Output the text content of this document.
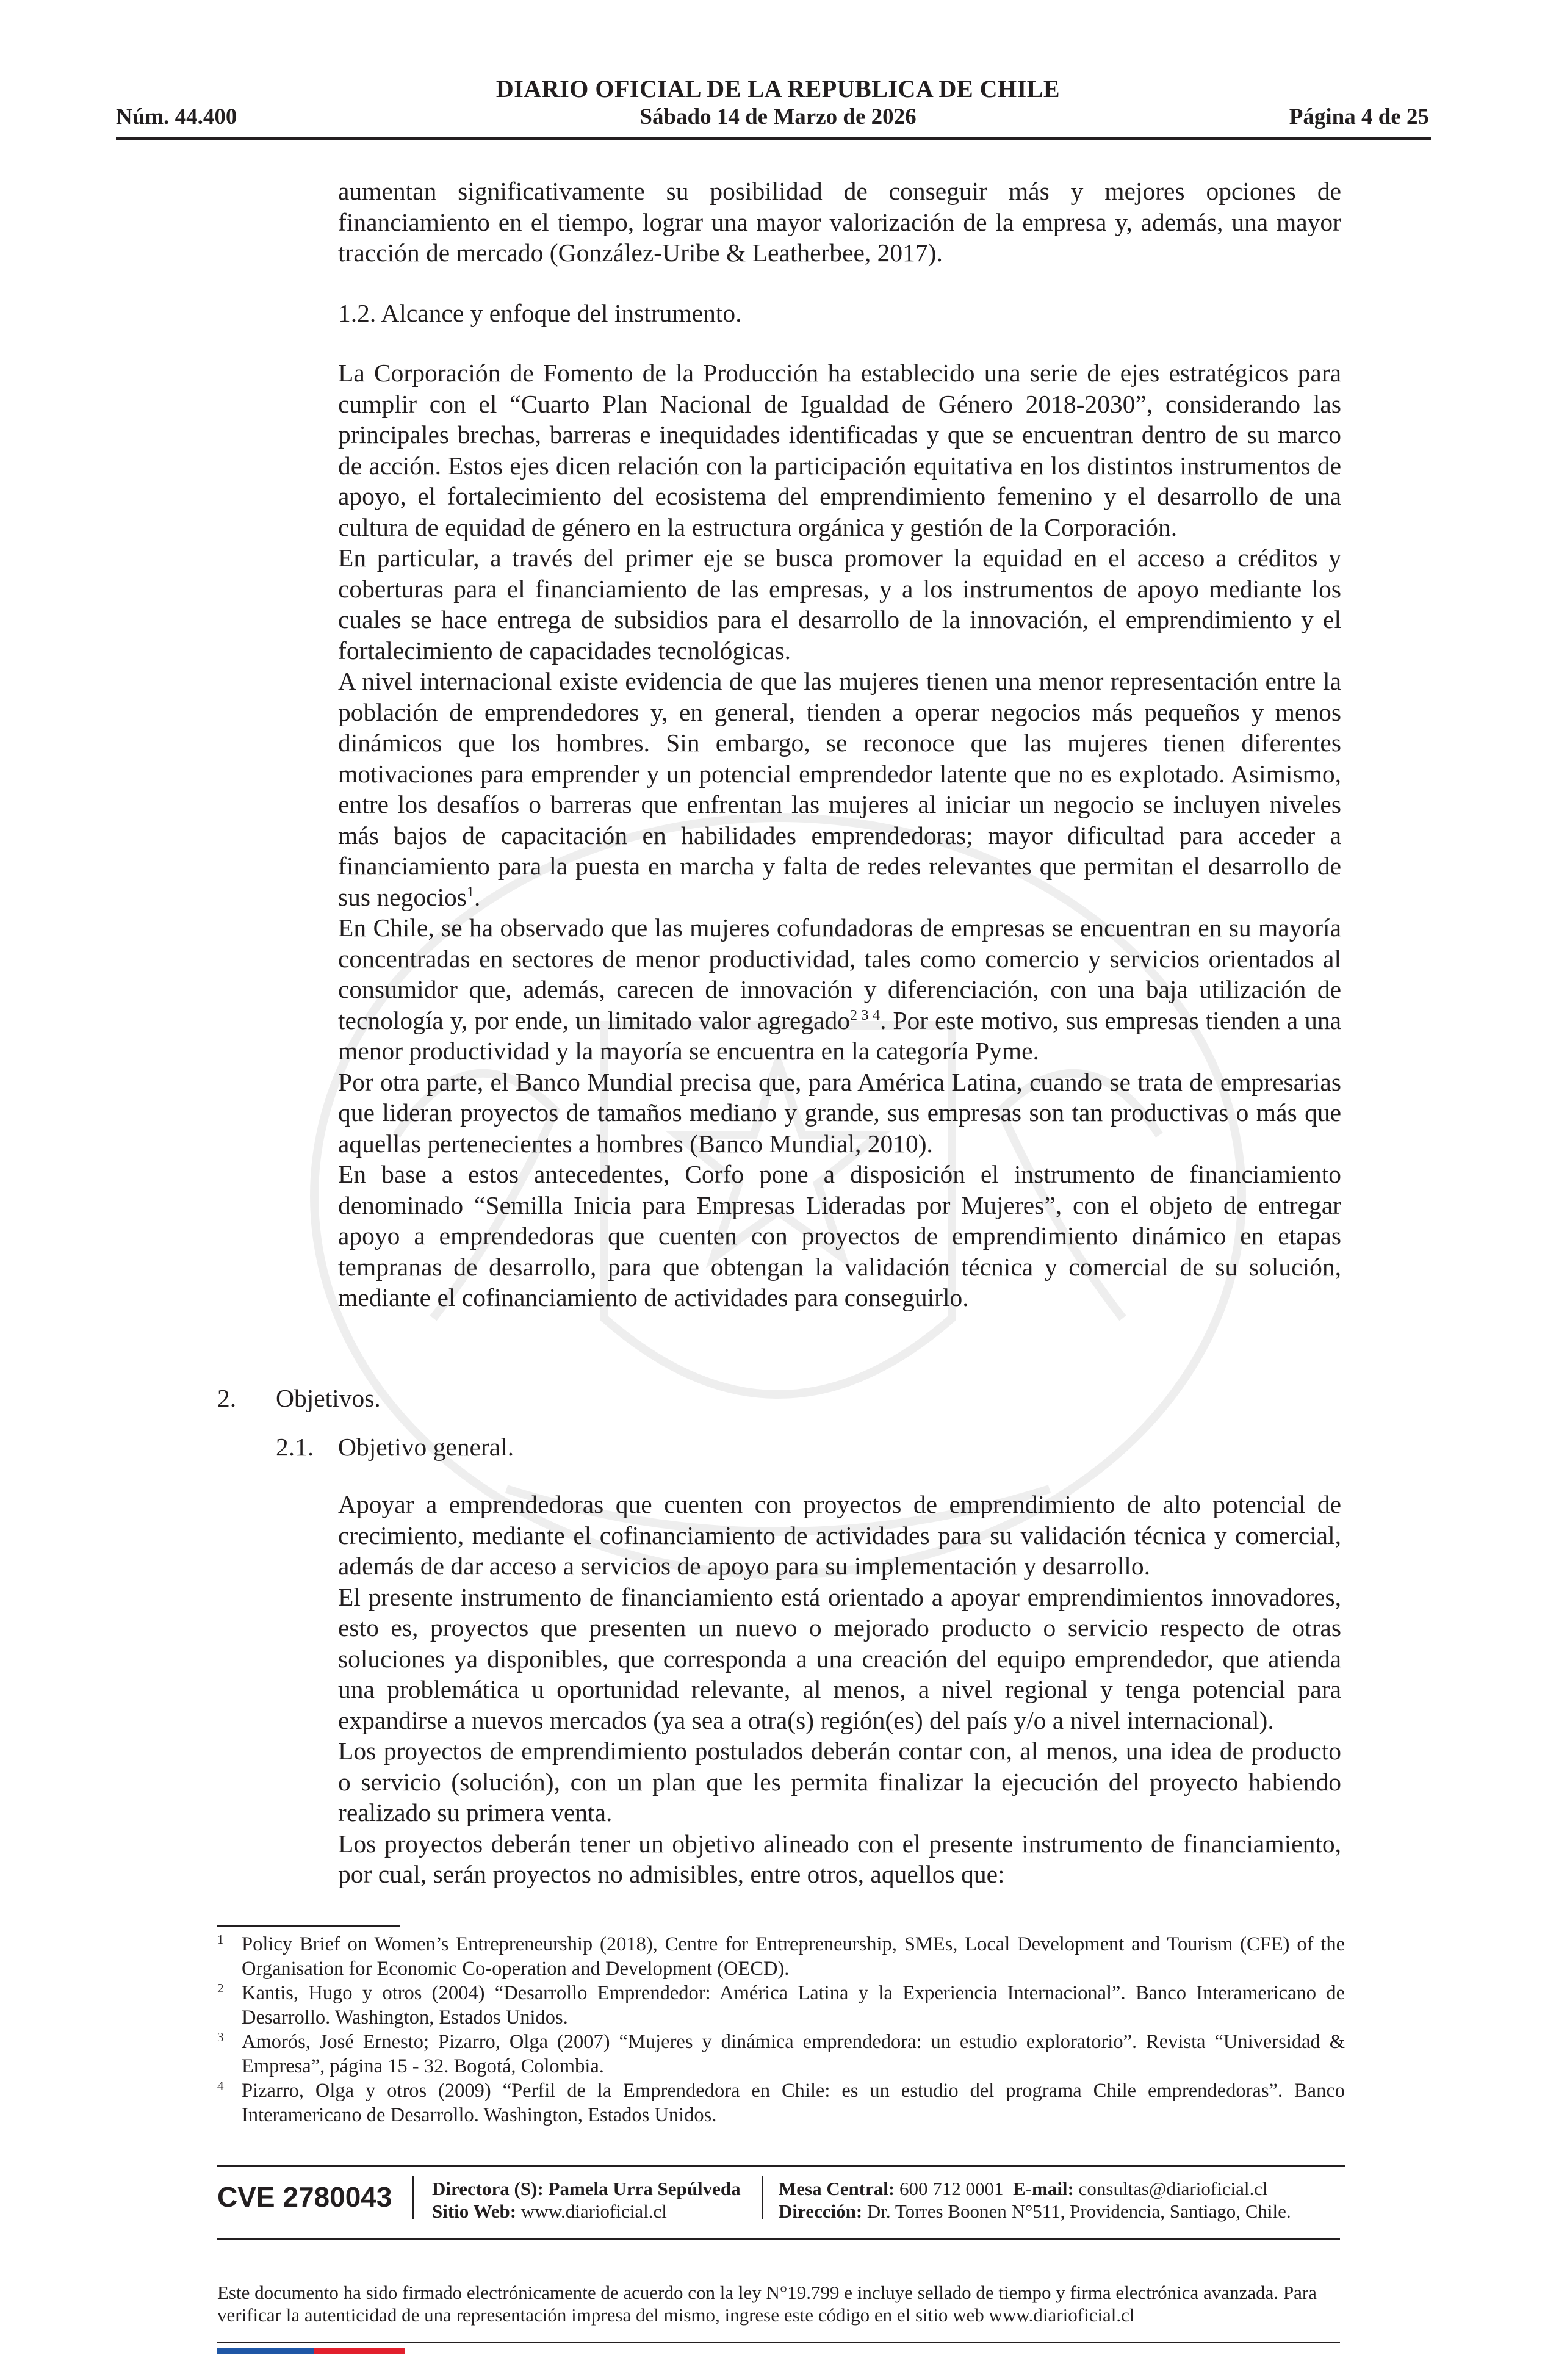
DIARIO OFICIAL DE LA REPUBLICA DE CHILE
Núm. 44.400	Sábado 14 de Marzo de 2026	Página 4 de 25

aumentan significativamente su posibilidad de conseguir más y mejores opciones de financiamiento en el tiempo, lograr una mayor valorización de la empresa y, además, una mayor tracción de mercado (González-Uribe & Leatherbee, 2017).

1.2. Alcance y enfoque del instrumento.

La Corporación de Fomento de la Producción ha establecido una serie de ejes estratégicos para cumplir con el “Cuarto Plan Nacional de Igualdad de Género 2018-2030”, considerando las principales brechas, barreras e inequidades identificadas y que se encuentran dentro de su marco de acción. Estos ejes dicen relación con la participación equitativa en los distintos instrumentos de apoyo, el fortalecimiento del ecosistema del emprendimiento femenino y el desarrollo de una cultura de equidad de género en la estructura orgánica y gestión de la Corporación.

En particular, a través del primer eje se busca promover la equidad en el acceso a créditos y coberturas para el financiamiento de las empresas, y a los instrumentos de apoyo mediante los cuales se hace entrega de subsidios para el desarrollo de la innovación, el emprendimiento y el fortalecimiento de capacidades tecnológicas.

A nivel internacional existe evidencia de que las mujeres tienen una menor representación entre la población de emprendedores y, en general, tienden a operar negocios más pequeños y menos dinámicos que los hombres. Sin embargo, se reconoce que las mujeres tienen diferentes motivaciones para emprender y un potencial emprendedor latente que no es explotado. Asimismo, entre los desafíos o barreras que enfrentan las mujeres al iniciar un negocio se incluyen niveles más bajos de capacitación en habilidades emprendedoras; mayor dificultad para acceder a financiamiento para la puesta en marcha y falta de redes relevantes que permitan el desarrollo de sus negocios$^1$.

En Chile, se ha observado que las mujeres cofundadoras de empresas se encuentran en su mayoría concentradas en sectores de menor productividad, tales como comercio y servicios orientados al consumidor que, además, carecen de innovación y diferenciación, con una baja utilización de tecnología y, por ende, un limitado valor agregado$^{2 3 4}$. Por este motivo, sus empresas tienden a una menor productividad y la mayoría se encuentra en la categoría Pyme.

Por otra parte, el Banco Mundial precisa que, para América Latina, cuando se trata de empresarias que lideran proyectos de tamaños mediano y grande, sus empresas son tan productivas o más que aquellas pertenecientes a hombres (Banco Mundial, 2010).

En base a estos antecedentes, Corfo pone a disposición el instrumento de financiamiento denominado “Semilla Inicia para Empresas Lideradas por Mujeres”, con el objeto de entregar apoyo a emprendedoras que cuenten con proyectos de emprendimiento dinámico en etapas tempranas de desarrollo, para que obtengan la validación técnica y comercial de su solución, mediante el cofinanciamiento de actividades para conseguirlo.

2. Objetivos.
2.1. Objetivo general.

Apoyar a emprendedoras que cuenten con proyectos de emprendimiento de alto potencial de crecimiento, mediante el cofinanciamiento de actividades para su validación técnica y comercial, además de dar acceso a servicios de apoyo para su implementación y desarrollo.

El presente instrumento de financiamiento está orientado a apoyar emprendimientos innovadores, esto es, proyectos que presenten un nuevo o mejorado producto o servicio respecto de otras soluciones ya disponibles, que corresponda a una creación del equipo emprendedor, que atienda una problemática u oportunidad relevante, al menos, a nivel regional y tenga potencial para expandirse a nuevos mercados (ya sea a otra(s) región(es) del país y/o a nivel internacional).

Los proyectos de emprendimiento postulados deberán contar con, al menos, una idea de producto o servicio (solución), con un plan que les permita finalizar la ejecución del proyecto habiendo realizado su primera venta.

Los proyectos deberán tener un objetivo alineado con el presente instrumento de financiamiento, por cual, serán proyectos no admisibles, entre otros, aquellos que:

1 Policy Brief on Women’s Entrepreneurship (2018), Centre for Entrepreneurship, SMEs, Local Development and Tourism (CFE) of the Organisation for Economic Co-operation and Development (OECD).
2 Kantis, Hugo y otros (2004) “Desarrollo Emprendedor: América Latina y la Experiencia Internacional”. Banco Interamericano de Desarrollo. Washington, Estados Unidos.
3 Amorós, José Ernesto; Pizarro, Olga (2007) “Mujeres y dinámica emprendedora: un estudio exploratorio”. Revista “Universidad & Empresa”, página 15 - 32. Bogotá, Colombia.
4 Pizarro, Olga y otros (2009) “Perfil de la Emprendedora en Chile: es un estudio del programa Chile emprendedoras”. Banco Interamericano de Desarrollo. Washington, Estados Unidos.
CVE 2780043 Directora (S): Pamela Urra Sepúlveda
Sitio Web: www.diarioficial.cl
Mesa Central: 600 712 0001 E-mail: consultas@diarioficial.cl
Dirección: Dr. Torres Boonen N°511, Providencia, Santiago, Chile.
Este documento ha sido firmado electrónicamente de acuerdo con la ley N°19.799 e incluye sellado de tiempo y firma electrónica avanzada. Para verificar la autenticidad de una representación impresa del mismo, ingrese este código en el sitio web www.diarioficial.cl
